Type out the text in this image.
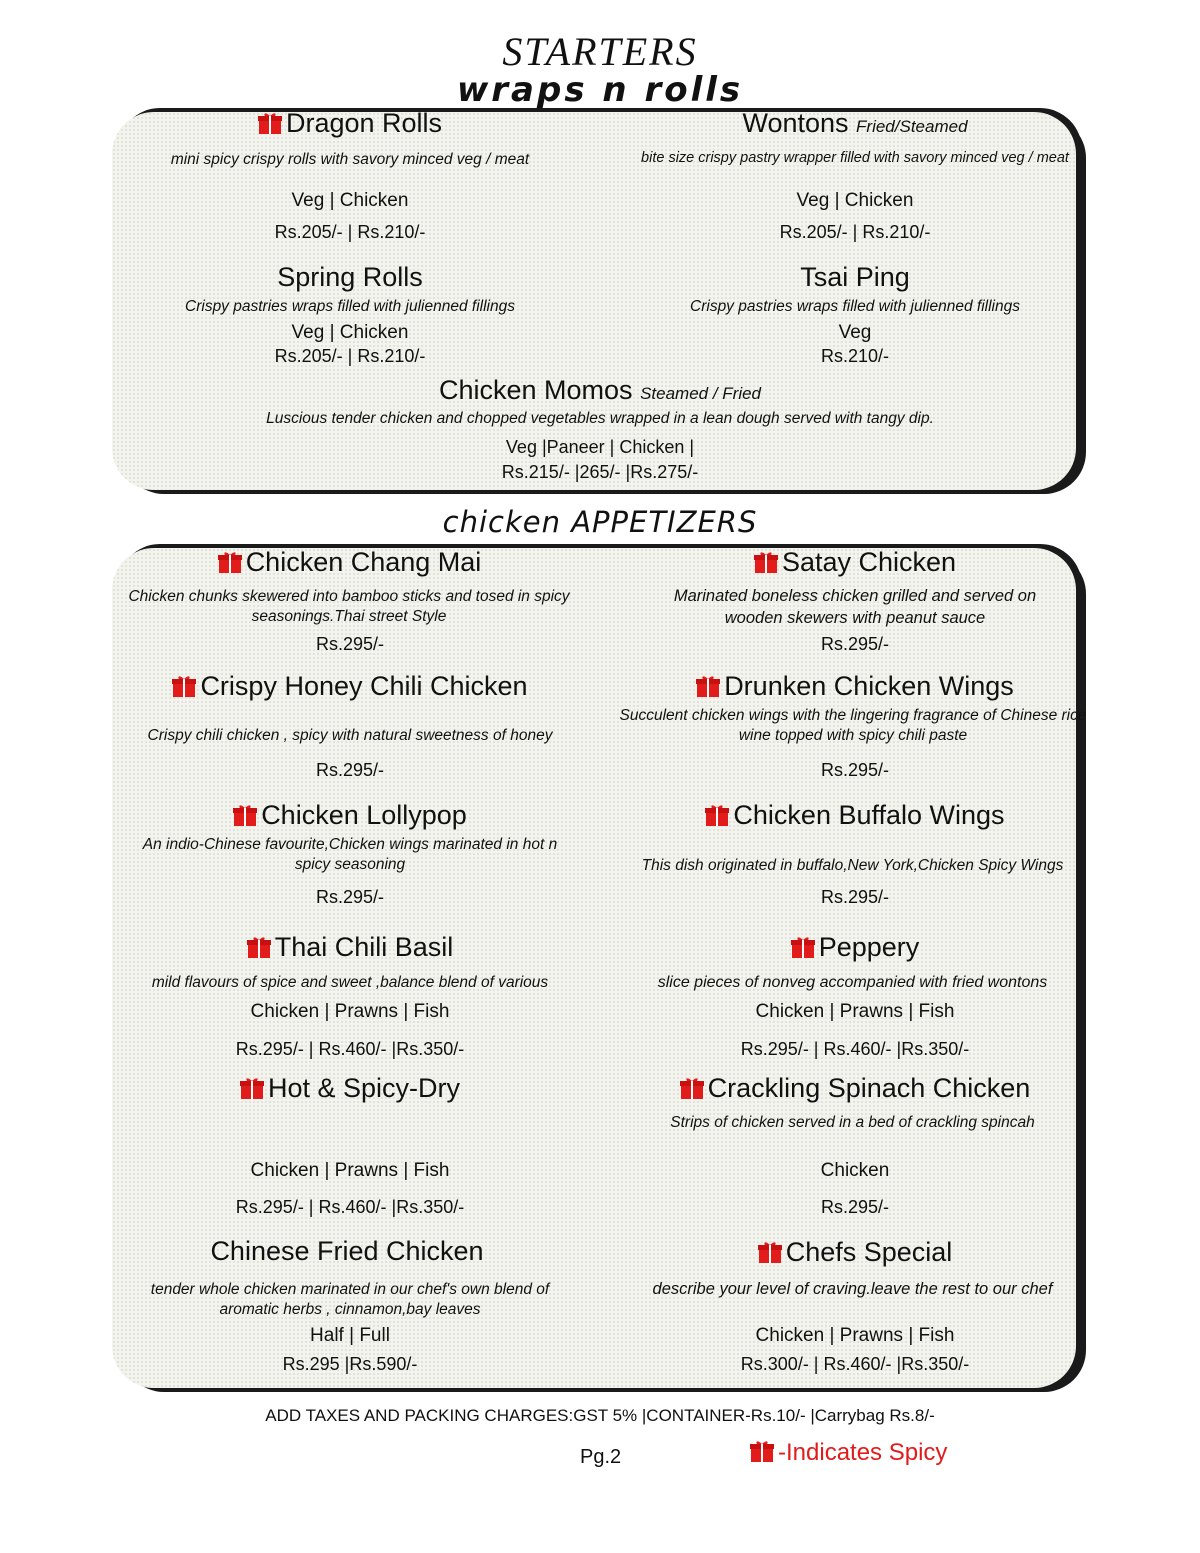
STARTERS
wraps n rolls
Dragon Rolls
mini spicy crispy rolls with savory minced veg / meat
Veg | Chicken
Rs.205/- | Rs.210/-
Wontons Fried/Steamed
bite size crispy pastry wrapper filled with savory minced veg / meat
Veg | Chicken
Rs.205/- | Rs.210/-
Spring Rolls
Crispy pastries wraps filled with julienned fillings
Veg | Chicken
Rs.205/- | Rs.210/-
Tsai Ping
Crispy pastries wraps filled with julienned fillings
Veg
Rs.210/-
Chicken Momos Steamed / Fried
Luscious tender chicken and chopped vegetables wrapped in a lean dough served with tangy dip.
Veg |Paneer | Chicken |
Rs.215/- |265/- |Rs.275/-
chicken APPETIZERS
Chicken Chang Mai
Chicken chunks skewered into bamboo sticks and tosed in spicy seasonings.Thai street Style
Rs.295/-
Satay Chicken
Marinated boneless chicken grilled and served on wooden skewers with peanut sauce
Rs.295/-
Crispy Honey Chili Chicken
Crispy chili chicken , spicy with natural sweetness of honey
Rs.295/-
Drunken Chicken Wings
Succulent chicken wings with the lingering fragrance of Chinese rice wine topped with spicy chili paste
Rs.295/-
Chicken Lollypop
An indio-Chinese favourite,Chicken wings marinated in hot n spicy seasoning
Rs.295/-
Chicken Buffalo Wings
This dish originated in buffalo,New York,Chicken Spicy Wings
Rs.295/-
Thai Chili Basil
mild flavours of spice and sweet ,balance blend of various
Chicken | Prawns | Fish
Rs.295/- | Rs.460/- |Rs.350/-
Peppery
slice pieces of nonveg accompanied with fried wontons
Chicken | Prawns | Fish
Rs.295/- | Rs.460/- |Rs.350/-
Hot & Spicy-Dry
Chicken | Prawns | Fish
Rs.295/- | Rs.460/- |Rs.350/-
Crackling Spinach Chicken
Strips of chicken served in a bed of crackling spincah
Chicken
Rs.295/-
Chinese Fried Chicken
tender whole chicken marinated in our chef's own blend of aromatic herbs , cinnamon,bay leaves
Half | Full
Rs.295 |Rs.590/-
Chefs Special
describe your level of craving.leave the rest to our chef
Chicken | Prawns | Fish
Rs.300/- | Rs.460/- |Rs.350/-
ADD TAXES AND PACKING CHARGES:GST 5% |CONTAINER-Rs.10/- |Carrybag Rs.8/-
Pg.2	-Indicates Spicy
